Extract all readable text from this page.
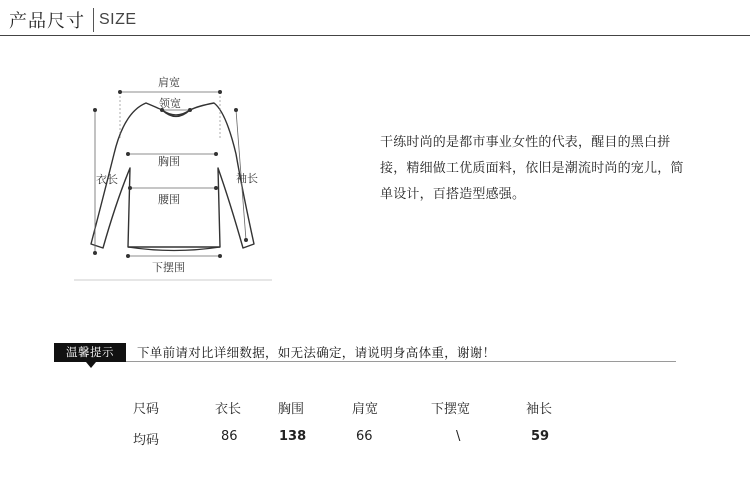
产品尺寸 SIZE
肩宽
领宽
胸围
腰围
衣长	袖长
下摆围
干练时尚的是都市事业女性的代表，醒目的黑白拼接，精细做工优质面料，依旧是潮流时尚的宠儿，简单设计，百搭造型感强。
温馨提示	下单前请对比详细数据，如无法确定，请说明身高体重，谢谢！
尺码	衣长	胸围	肩宽	下摆宽	袖长
均码	86	138	66	\	59
